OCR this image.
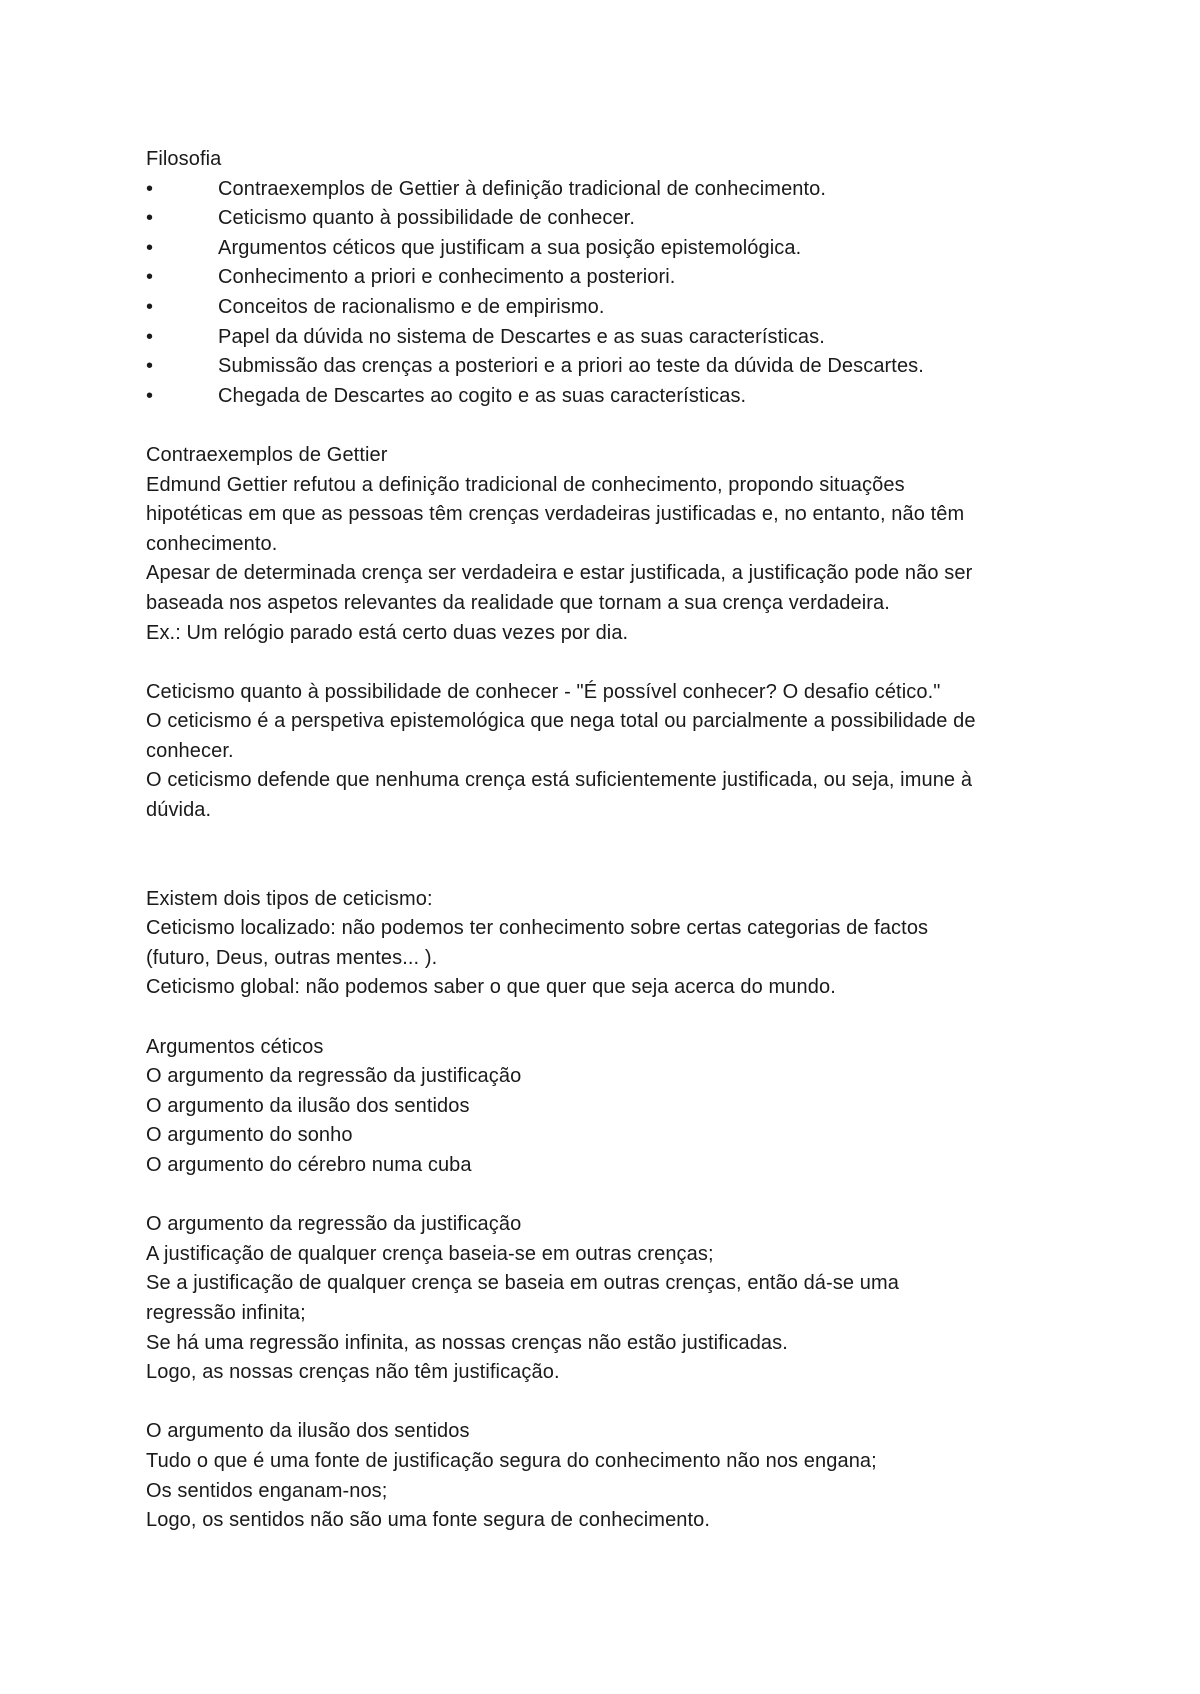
Filosofia
•	Contraexemplos de Gettier à definição tradicional de conhecimento.
•	Ceticismo quanto à possibilidade de conhecer.
•	Argumentos céticos que justificam a sua posição epistemológica.
•	Conhecimento a priori e conhecimento a posteriori.
•	Conceitos de racionalismo e de empirismo.
•	Papel da dúvida no sistema de Descartes e as suas características.
•	Submissão das crenças a posteriori e a priori ao teste da dúvida de Descartes.
•	Chegada de Descartes ao cogito e as suas características.
Contraexemplos de Gettier
Edmund Gettier refutou a definição tradicional de conhecimento, propondo situações
hipotéticas em que as pessoas têm crenças verdadeiras justificadas e, no entanto, não têm
conhecimento.
Apesar de determinada crença ser verdadeira e estar justificada, a justificação pode não ser
baseada nos aspetos relevantes da realidade que tornam a sua crença verdadeira.
Ex.: Um relógio parado está certo duas vezes por dia.
Ceticismo quanto à possibilidade de conhecer - "É possível conhecer? O desafio cético."
O ceticismo é a perspetiva epistemológica que nega total ou parcialmente a possibilidade de
conhecer.
O ceticismo defende que nenhuma crença está suficientemente justificada, ou seja, imune à
dúvida.
Existem dois tipos de ceticismo:
Ceticismo localizado: não podemos ter conhecimento sobre certas categorias de factos
(futuro, Deus, outras mentes... ).
Ceticismo global: não podemos saber o que quer que seja acerca do mundo.
Argumentos céticos
O argumento da regressão da justificação
O argumento da ilusão dos sentidos
O argumento do sonho
O argumento do cérebro numa cuba
O argumento da regressão da justificação
A justificação de qualquer crença baseia-se em outras crenças;
Se a justificação de qualquer crença se baseia em outras crenças, então dá-se uma
regressão infinita;
Se há uma regressão infinita, as nossas crenças não estão justificadas.
Logo, as nossas crenças não têm justificação.
O argumento da ilusão dos sentidos
Tudo o que é uma fonte de justificação segura do conhecimento não nos engana;
Os sentidos enganam-nos;
Logo, os sentidos não são uma fonte segura de conhecimento.
